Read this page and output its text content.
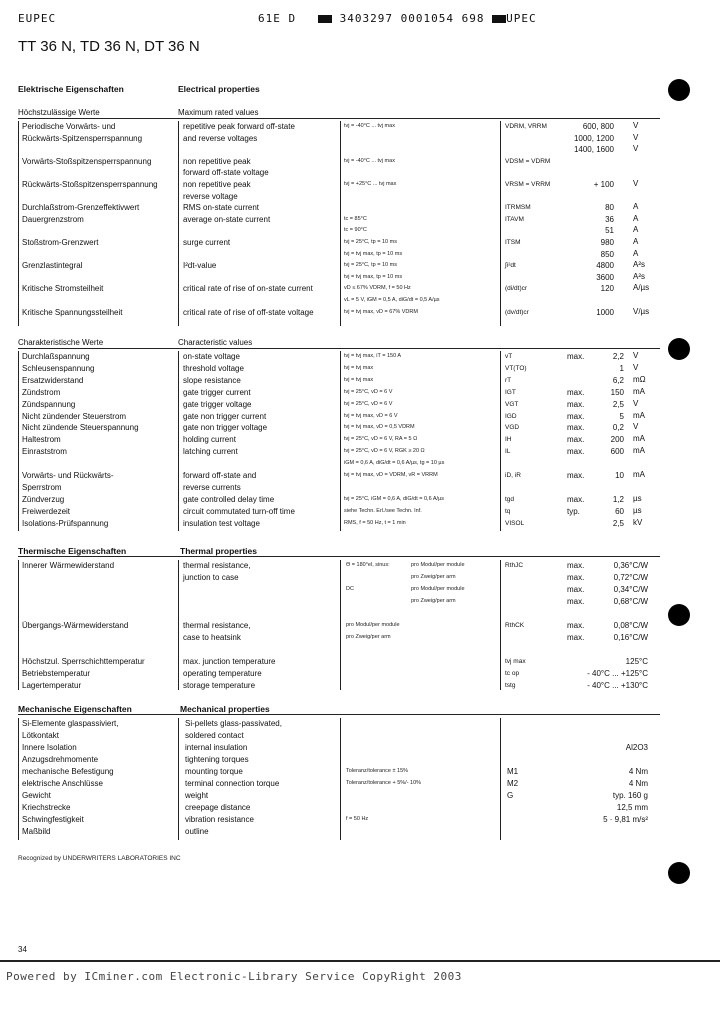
EUPEC	61E D	3403297 0001054 698 UPEC
TT 36 N, TD 36 N, DT 36 N
Elektrische Eigenschaften	Electrical properties
Höchstzulässige Werte	Maximum rated values
Periodische Vorwärts- und	repetitive peak forward off-state	tvj = -40°C ... tvj max	VDRM, VRRM	600, 800 V
Rückwärts-Spitzensperrspannung	and reverse voltages	1000, 1200 V
1400, 1600 V
Vorwärts-Stoßspitzensperrspannung	non repetitive peak	tvj = -40°C ... tvj max	VDSM = VDRM
forward off-state voltage
Rückwärts-Stoßspitzensperrspannung	non repetitive peak	tvj = +25°C ... tvj max	VRSM = VRRM	+ 100 V
reverse voltage
Durchlaßstrom-Grenzeffektivwert	RMS on-state current	ITRMSM	80 A
Dauergrenzstrom	average on-state current	tc = 85°C	ITAVM	36 A
tc = 90°C	51 A
Stoßstrom-Grenzwert	surge current	tvj = 25°C, tp = 10 ms	ITSM	980 A
tvj = tvj max, tp = 10 ms	850 A
Grenzlastintegral	I²dt-value	tvj = 25°C, tp = 10 ms	∫i²dt	4800 A²s
tvj = tvj max, tp = 10 ms	3600 A²s
Kritische Stromsteilheit	critical rate of rise of on-state current	vD ≤ 67% VDRM, f = 50 Hz	(di/dt)cr	120 A/µs
vL = 5 V, iGM = 0,5 A, diG/dt = 0,5 A/µs
Kritische Spannungssteilheit	critical rate of rise of off-state voltage	tvj = tvj max, vD = 67% VDRM	(dv/dt)cr	1000 V/µs
Charakteristische Werte	Characteristic values
Durchlaßspannung	on-state voltage	tvj = tvj max, iT = 150 A	vT	max.	2,2 V
Schleusenspannung	threshold voltage	tvj = tvj max	VT(TO)	1 V
Ersatzwiderstand	slope resistance	tvj = tvj max	rT	6,2 mΩ
Zündstrom	gate trigger current	tvj = 25°C, vD = 6 V	IGT	max.	150 mA
Zündspannung	gate trigger voltage	tvj = 25°C, vD = 6 V	VGT	max.	2,5 V
Nicht zündender Steuerstrom	gate non trigger current	tvj = tvj max, vD = 6 V	IGD	max.	5 mA
Nicht zündende Steuerspannung	gate non trigger voltage	tvj = tvj max, vD = 0,5 VDRM	VGD	max.	0,2 V
Haltestrom	holding current	tvj = 25°C, vD = 6 V, RA = 5 Ω	IH	max.	200 mA
Einraststrom	latching current	tvj = 25°C, vD = 6 V, RGK ≥ 20 Ω	IL	max.	600 mA
iGM = 0,6 A, diG/dt = 0,6 A/µs, tg = 10 µs
Vorwärts- und Rückwärts-	forward off-state and	tvj = tvj max, vD = VDRM, vR = VRRM	iD, iR	max.	10 mA
Sperrstrom	reverse currents
Zündverzug	gate controlled delay time	tvj = 25°C, iGM = 0,6 A, diG/dt = 0,6 A/µs	tgd	max.	1,2 µs
Freiwerdezeit	circuit commutated turn-off time	siehe Techn. Erl./see Techn. Inf.	tq	typ.	60 µs
Isolations-Prüfspannung	insulation test voltage	RMS, f = 50 Hz, t = 1 min	VISOL	2,5 kV
Thermische Eigenschaften	Thermal properties
Innerer Wärmewiderstand	thermal resistance,	Θ = 180°el, sinus:	pro Modul/per module	RthJC	max.	0,36°C/W
junction to case	pro Zweig/per arm	max.	0,72°C/W
DC	pro Modul/per module	max.	0,34°C/W
pro Zweig/per arm	max.	0,68°C/W
Übergangs-Wärmewiderstand	thermal resistance,	pro Modul/per module	RthCK	max.	0,08°C/W
case to heatsink	pro Zweig/per arm	max.	0,16°C/W
Höchstzul. Sperrschichttemperatur	max. junction temperature	tvj max	125°C
Betriebstemperatur	operating temperature	tc op	- 40°C ... +125°C
Lagertemperatur	storage temperature	tstg	- 40°C ... +130°C
Mechanische Eigenschaften	Mechanical properties
Si-Elemente glaspassiviert,	Si-pellets glass-passivated,
Lötkontakt	soldered contact
Innere Isolation	internal insulation	Al2O3
Anzugsdrehmomente	tightening torques
mechanische Befestigung	mounting torque	Toleranz/tolerance ± 15%	M1	4 Nm
elektrische Anschlüsse	terminal connection torque	Toleranz/tolerance + 5%/- 10%	M2	4 Nm
Gewicht	weight	G	typ. 160 g
Kriechstrecke	creepage distance	12,5 mm
Schwingfestigkeit	vibration resistance	f = 50 Hz	5 · 9,81 m/s²
Maßbild	outline
Recognized by UNDERWRITERS LABORATORIES INC
34
Powered by ICminer.com Electronic-Library Service CopyRight 2003
